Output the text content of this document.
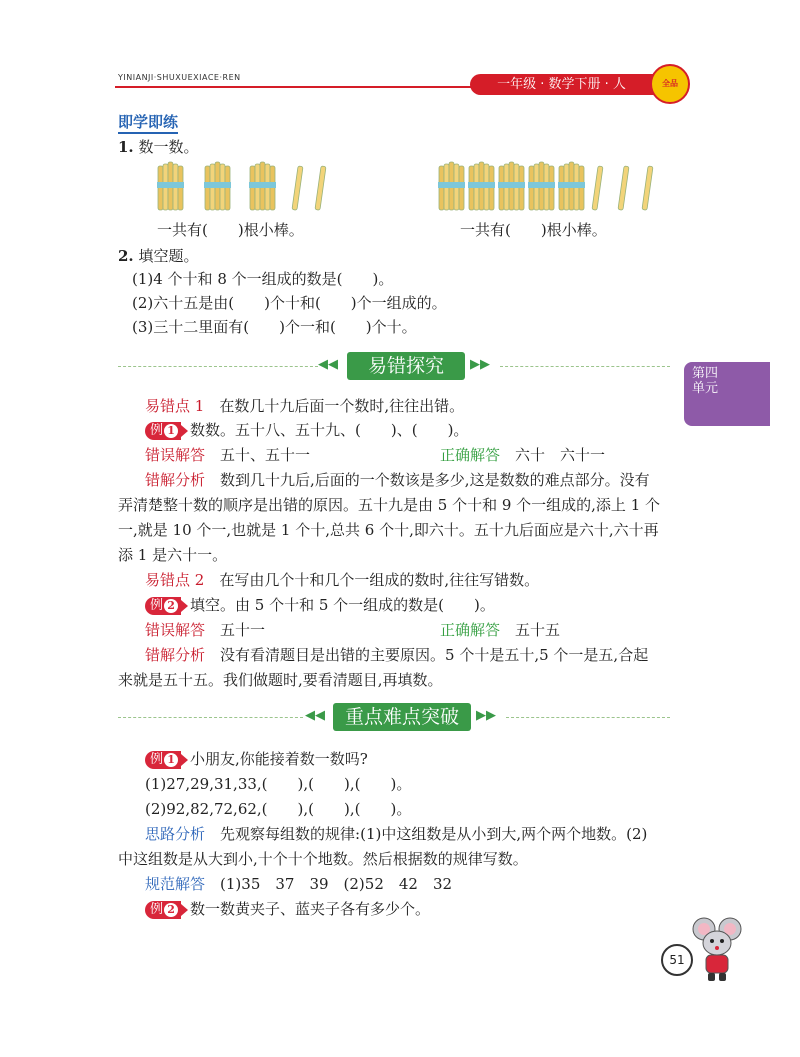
YINIANJI·SHUXUEXIACE·REN	一年级 · 数学下册 · 人	全品
即学即练
1. 数一数。
一共有(　　)根小棒。	一共有(　　)根小棒。
2. 填空题。
(1)4 个十和 8 个一组成的数是(　　)。
(2)六十五是由(　　)个十和(　　)个一组成的。
(3)三十二里面有(　　)个一和(　　)个十。
◀◀	易错探究	▶▶
第四单元
易错点 1　 在数几十九后面一个数时,往往出错。
例 1 数数。五十八、五十九、(　　)、(　　)。
错误解答　 五十、五十一	正确解答　 六十　六十一
错解分析　 数到几十九后,后面的一个数该是多少,这是数数的难点部分。没有
弄清楚整十数的顺序是出错的原因。五十九是由 5 个十和 9 个一组成的,添上 1 个
一,就是 10 个一,也就是 1 个十,总共 6 个十,即六十。五十九后面应是六十,六十再
添 1 是六十一。
易错点 2　 在写由几个十和几个一组成的数时,往往写错数。
例 2 填空。由 5 个十和 5 个一组成的数是(　　)。
错误解答　 五十一	正确解答　 五十五
错解分析　 没有看清题目是出错的主要原因。5 个十是五十,5 个一是五,合起
来就是五十五。我们做题时,要看清题目,再填数。
◀◀	重点难点突破	▶▶
例 1 小朋友,你能接着数一数吗?
(1)27,29,31,33,(　　),(　　),(　　)。
(2)92,82,72,62,(　　),(　　),(　　)。
思路分析　 先观察每组数的规律:(1)中这组数是从小到大,两个两个地数。(2)
中这组数是从大到小,十个十个地数。然后根据数的规律写数。
规范解答　 (1)35　37　39　(2)52　42　32
例 2 数一数黄夹子、蓝夹子各有多少个。
51
